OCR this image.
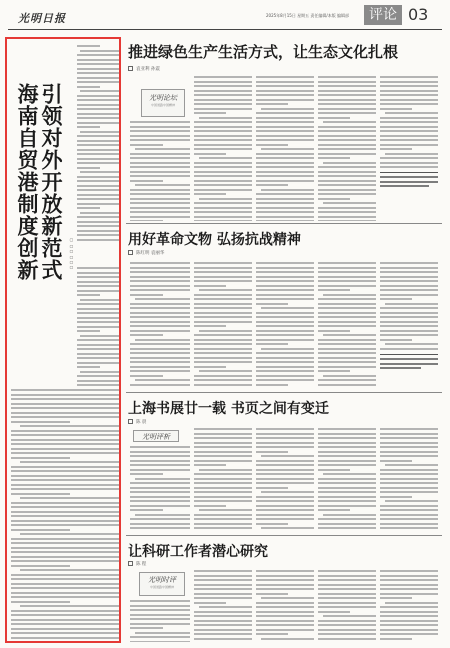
光明日报	2025年8月15日 星期五 责任编辑/本版 编辑部	评论 03
引领对外开放新范式
海南自贸港制度创新	▢ ▢▢ ▢▢▢
推进绿色生产生活方式，让生态文化扎根
袁亚利 孙震
光明论坛
中国道路中国精神
用好革命文物 弘扬抗战精神
陈红明 袁丽华
上海书展廿一载 书页之间有变迁
陈 晨
光明评析
让科研工作者潜心研究
陈 程
光明时评
中国道路中国精神
